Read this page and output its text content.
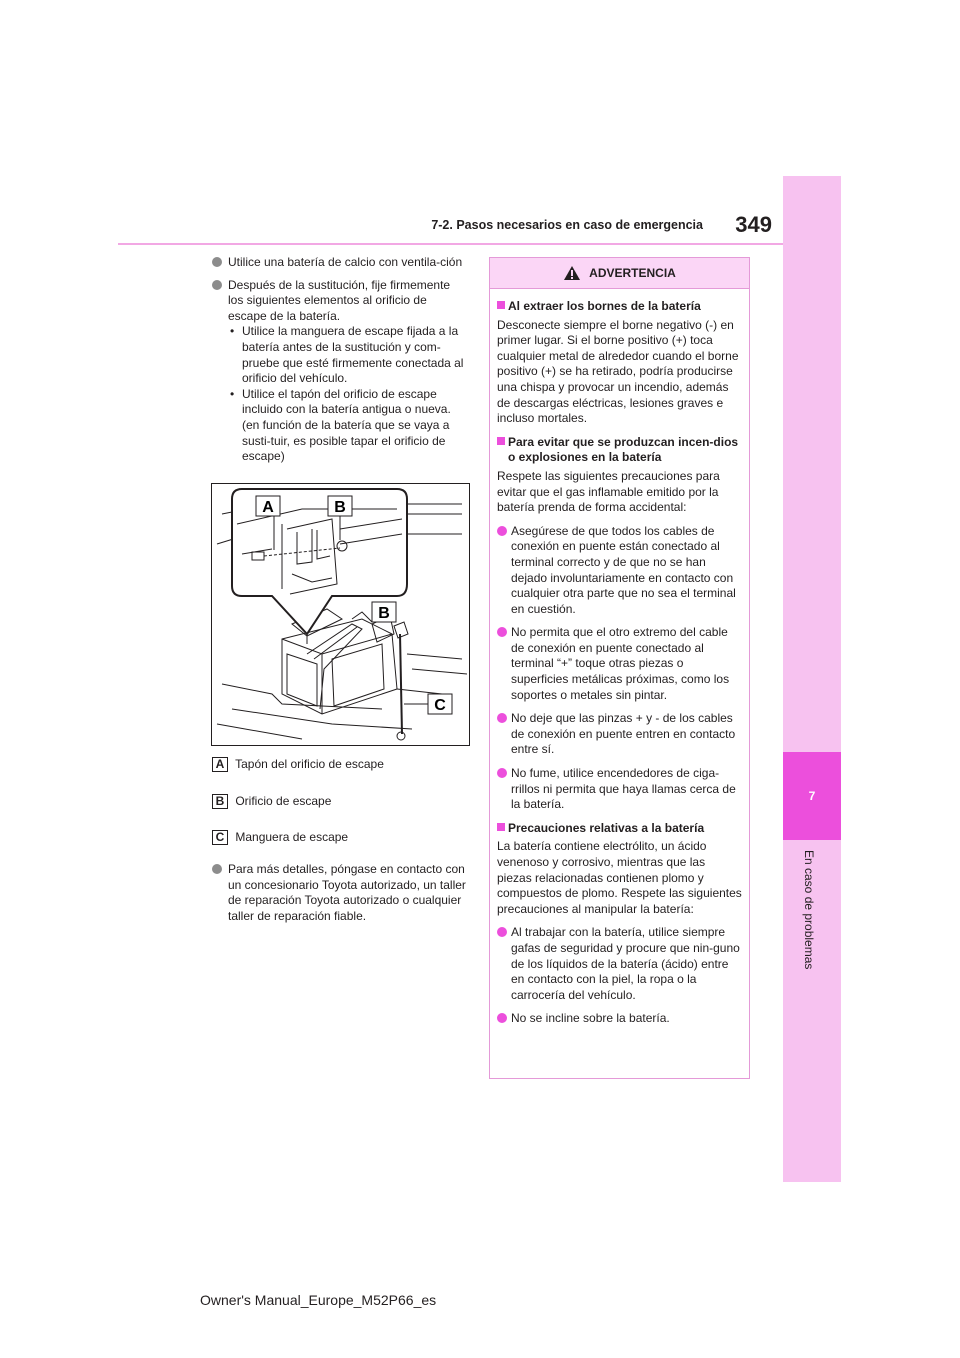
7-2. Pasos necesarios en caso de emergencia	349
7
En caso de problemas
Utilice una batería de calcio con ventila-ción
Después de la sustitución, fije firmemente los siguientes elementos al orificio de escape de la batería.
• Utilice la manguera de escape fijada a la batería antes de la sustitución y com-pruebe que esté firmemente conectada al orificio del vehículo.
• Utilice el tapón del orificio de escape incluido con la batería antigua o nueva. (en función de la batería que se vaya a susti-tuir, es posible tapar el orificio de escape)
A	B
B
C
A Tapón del orificio de escape
B Orificio de escape
C Manguera de escape
Para más detalles, póngase en contacto con un concesionario Toyota autorizado, un taller de reparación Toyota autorizado o cualquier taller de reparación fiable.
ADVERTENCIA
Al extraer los bornes de la batería
Desconecte siempre el borne negativo (-) en primer lugar. Si el borne positivo (+) toca cualquier metal de alrededor cuando el borne positivo (+) se ha retirado, podría producirse una chispa y provocar un incendio, además de descargas eléctricas, lesiones graves e incluso mortales.
Para evitar que se produzcan incen-dios o explosiones en la batería
Respete las siguientes precauciones para evitar que el gas inflamable emitido por la batería prenda de forma accidental:
Asegúrese de que todos los cables de conexión en puente están conectado al terminal correcto y de que no se han dejado involuntariamente en contacto con cualquier otra parte que no sea el terminal en cuestión.
No permita que el otro extremo del cable de conexión en puente conectado al terminal “+” toque otras piezas o superficies metálicas próximas, como los soportes o metales sin pintar.
No deje que las pinzas + y - de los cables de conexión en puente entren en contacto entre sí.
No fume, utilice encendedores de ciga-rrillos ni permita que haya llamas cerca de la batería.
Precauciones relativas a la batería
La batería contiene electrólito, un ácido venenoso y corrosivo, mientras que las piezas relacionadas contienen plomo y compuestos de plomo. Respete las siguientes precauciones al manipular la batería:
Al trabajar con la batería, utilice siempre gafas de seguridad y procure que nin-guno de los líquidos de la batería (ácido) entre en contacto con la piel, la ropa o la carrocería del vehículo.
No se incline sobre la batería.
Owner's Manual_Europe_M52P66_es
